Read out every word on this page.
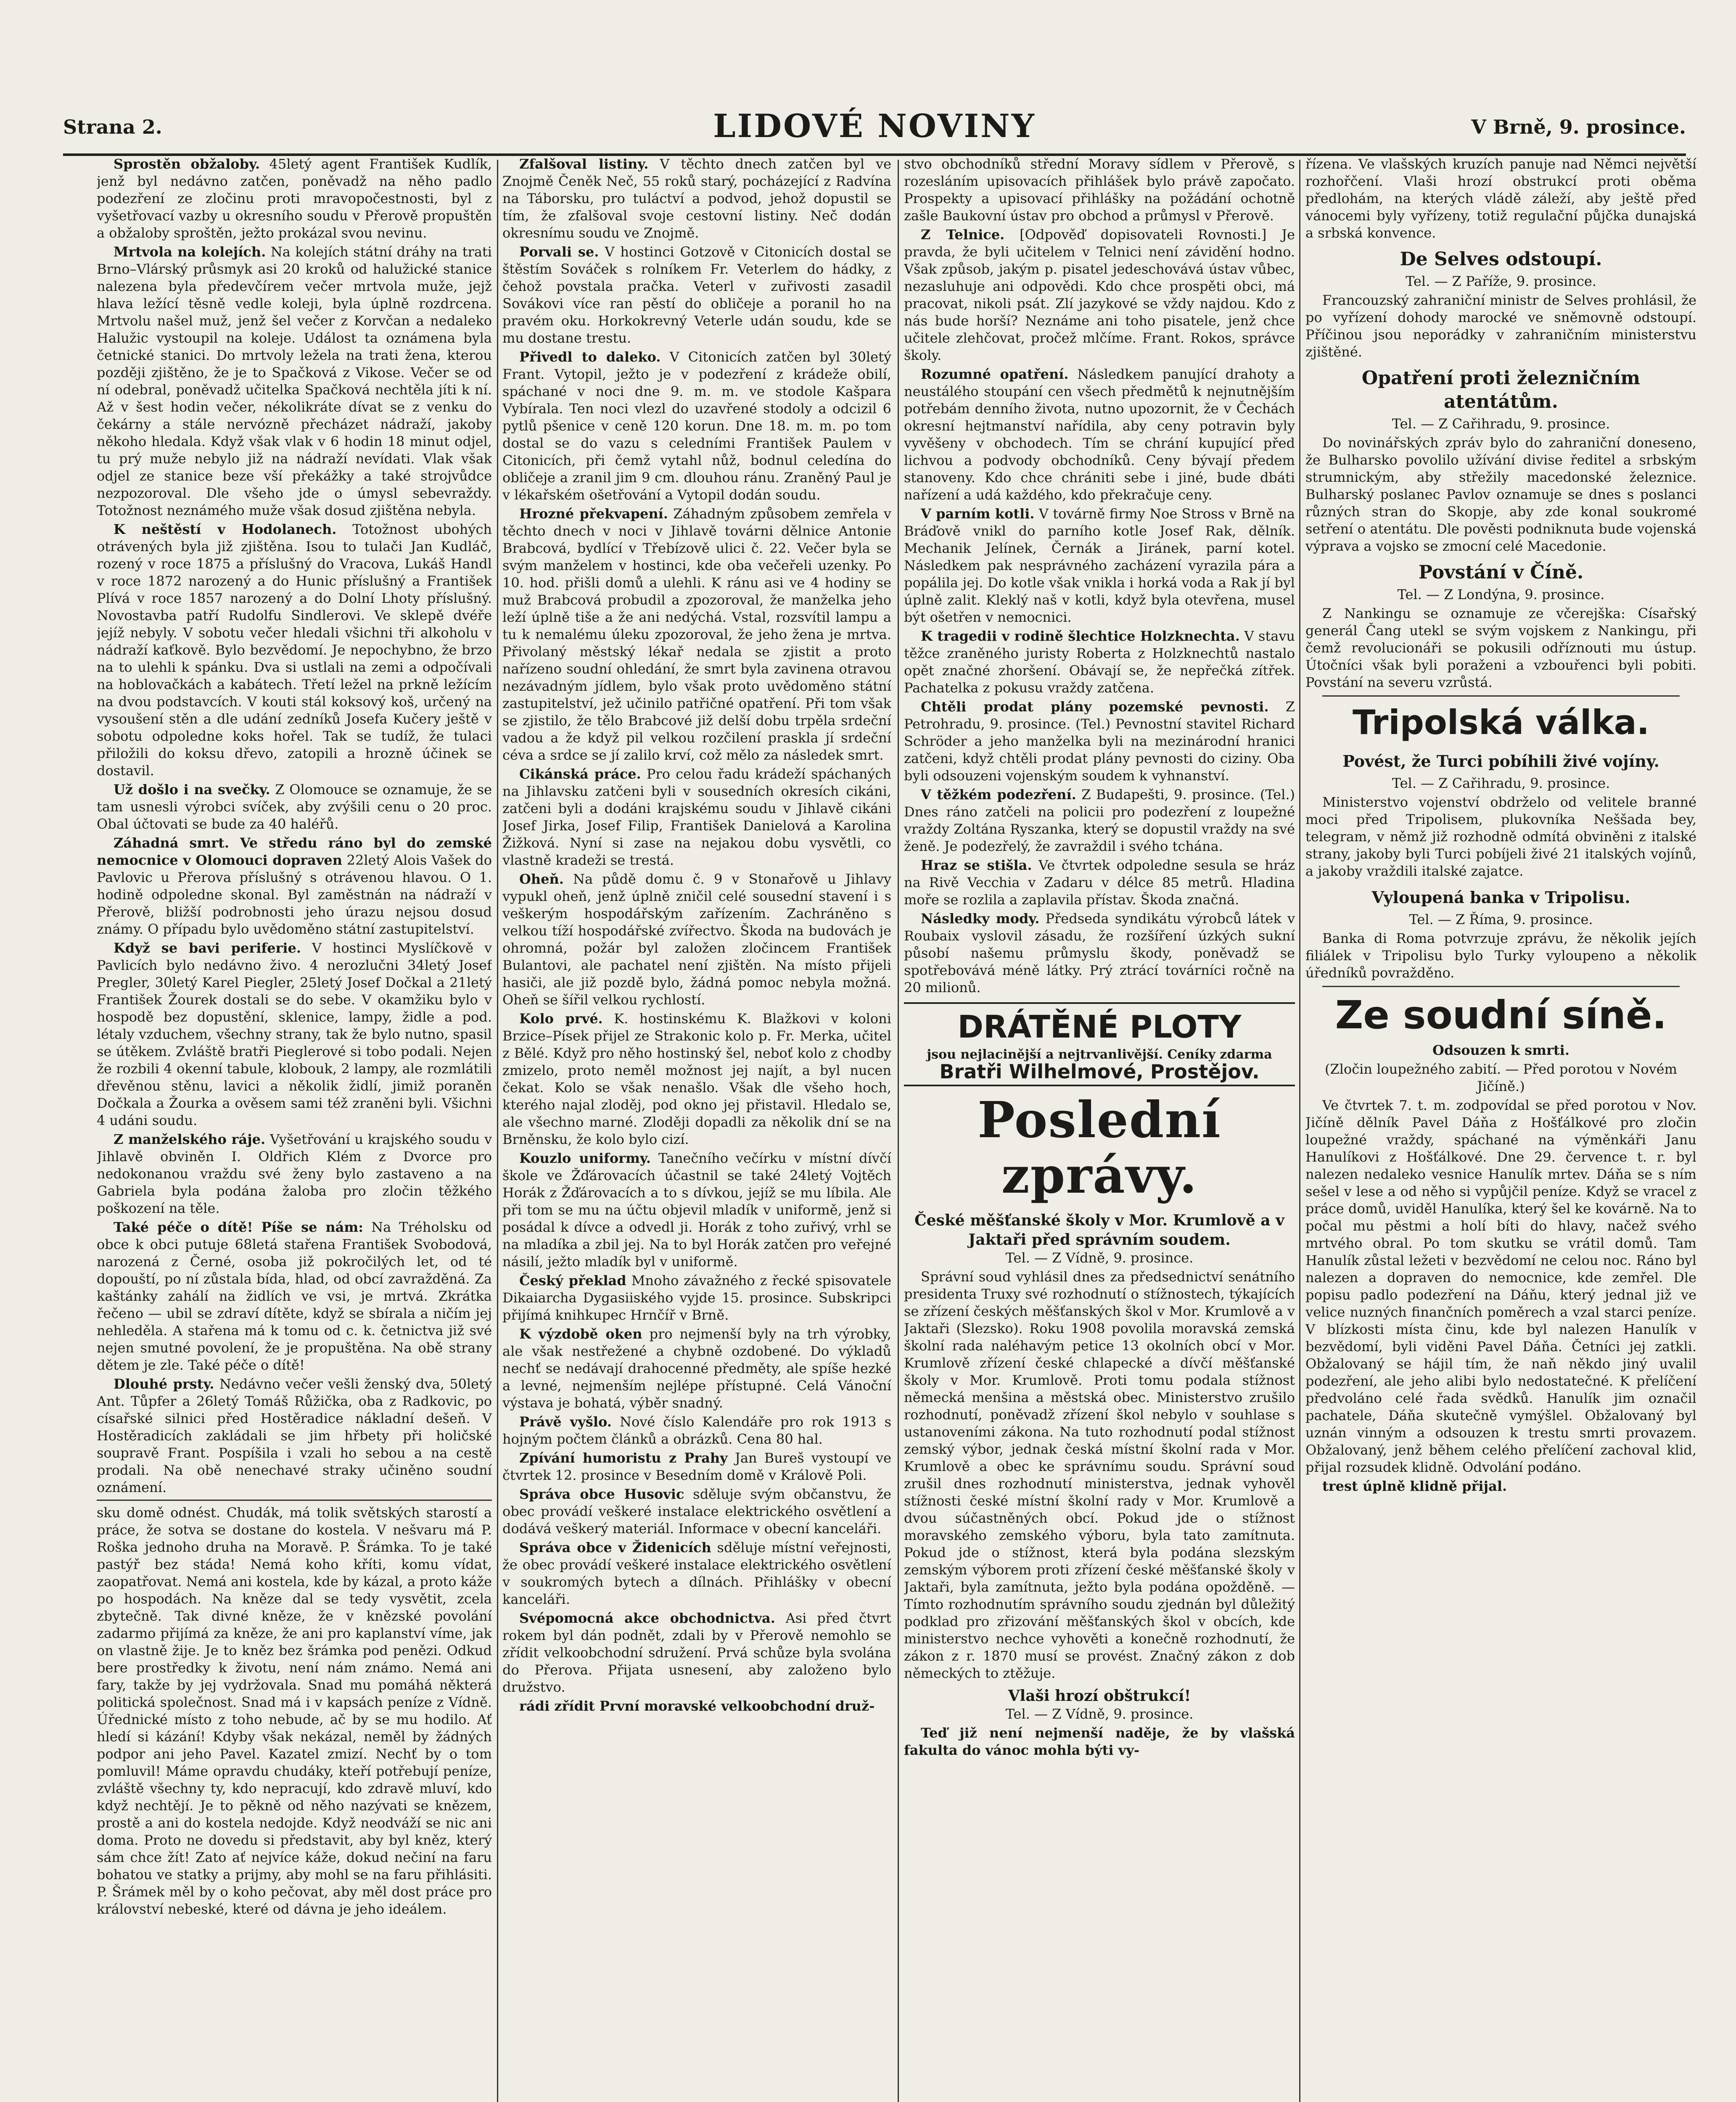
Strana 2.	LIDOVÉ NOVINY	V Brně, 9. prosince.

Sprostěn obžaloby. 45letý agent František Kudlík, jenž byl nedávno zatčen, poněvadž na něho padlo podezření ze zločinu proti mravopočestnosti, byl z vyšetřovací vazby u okresního soudu v Přerově propuštěn a obžaloby sproštěn, ježto prokázal svou nevinu.

Mrtvola na kolejích. Na kolejích státní dráhy na trati Brno–Vlárský průsmyk asi 20 kroků od halužické stanice nalezena byla předevčírem večer mrtvola muže, jejž hlava ležící těsně vedle koleji, byla úplně rozdrcena. Mrtvolu našel muž, jenž šel večer z Korvčan a nedaleko Halužic vystoupil na koleje. Událost ta oznámena byla četnické stanici. Do mrtvoly ležela na trati žena, kterou později zjištěno, že je to Spačková z Vikose. Večer se od ní odebral, poněvadž učitelka Spačková nechtěla jíti k ní. Až v šest hodin večer, nékolikráte dívat se z venku do čekárny a stále nervózně přecházet nádraží, jakoby někoho hledala. Když však vlak v 6 hodin 18 minut odjel, tu prý muže nebylo již na nádraží nevídati. Vlak však odjel ze stanice beze vší překážky a také strojvůdce nezpozoroval. Dle všeho jde o úmysl sebevraždy. Totožnost neznámého muže však dosud zjištěna nebyla.

K neštěstí v Hodolanech. Totožnost ubohých otrávených byla již zjištěna. Isou to tulači Jan Kudláč, rozený v roce 1875 a příslušný do Vracova, Lukáš Handl v roce 1872 narozený a do Hunic příslušný a František Plívá v roce 1857 narozený a do Dolní Lhoty příslušný. Novostavba patří Rudolfu Sindlerovi. Ve sklepě dvéře jejíž nebyly. V sobotu večer hledali všichni tři alkoholu v nádraží kaťkově. Bylo bezvědomí. Je nepochybno, že brzo na to ulehli k spánku. Dva si ustlali na zemi a odpočívali na hoblovačkách a kabátech. Třetí ležel na prkně ležícím na dvou podstavcích. V kouti stál koksový koš, určený na vysoušení stěn a dle udání zedníků Josefa Kučery ještě v sobotu odpoledne koks hořel. Tak se tudíž, že tulaci přiložili do koksu dřevo, zatopili a hrozně účinek se dostavil.

Už došlo i na svečky. Z Olomouce se oznamuje, že se tam usnesli výrobci svíček, aby zvýšili cenu o 20 proc. Obal účtovati se bude za 40 haléřů.

Záhadná smrt. Ve středu ráno byl do zemské nemocnice v Olomouci dopraven 22letý Alois Vašek do Pavlovic u Přerova příslušný s otrávenou hlavou. O 1. hodině odpoledne skonal. Byl zaměstnán na nádraží v Přerově, bližší podrobnosti jeho úrazu nejsou dosud známy. O případu bylo uvědoměno státní zastupitelství.

Když se bavi periferie. V hostinci Myslíčkově v Pavlicích bylo nedávno živo. 4 nerozlučni 34letý Josef Pregler, 30letý Karel Piegler, 25letý Josef Dočkal a 21letý František Žourek dostali se do sebe. V okamžiku bylo v hospodě bez dopustění, sklenice, lampy, židle a pod. létaly vzduchem, všechny strany, tak že bylo nutno, spasil se útěkem. Zvláště bratři Pieglerové si tobo podali. Nejen že rozbili 4 okenní tabule, klobouk, 2 lampy, ale rozmlátili dřevěnou stěnu, lavici a několik židlí, jimiž poraněn Dočkala a Žourka a ověsem sami též zraněni byli. Všichni 4 udáni soudu.

Z manželského ráje. Vyšetřování u krajského soudu v Jihlavě obviněn I. Oldřich Klém z Dvorce pro nedokonanou vraždu své ženy bylo zastaveno a na Gabriela byla podána žaloba pro zločin těžkého poškození na těle.

Také péče o dítě! Píše se nám: Na Tréholsku od obce k obci putuje 68letá stařena František Svobodová, narozená z Černé, osoba již pokročilých let, od té dopouští, po ní zůstala bída, hlad, od obcí zavražděná. Za kaštánky zahálí na židlích ve vsi, je mrtvá. Zkrátka řečeno — ubil se zdraví dítěte, když se sbírala a ničím jej nehleděla. A stařena má k tomu od c. k. četnictva již své nejen smutné povolení, že je propuštěna. Na obě strany dětem je zle. Také péče o dítě!

Dlouhé prsty. Nedávno večer vešli ženský dva, 50letý Ant. Tůpfer a 26letý Tomáš Růžička, oba z Radkovic, po císařské silnici před Hostěradice nákladní dešeň. V Hostěradicích zakládali se jim hřbety při holičské soupravě Frant. Pospíšila i vzali ho sebou a na cestě prodali. Na obě nenechavé straky učiněno soudní oznámení.

sku domě odnést. Chudák, má tolik světských starostí a práce, že sotva se dostane do kostela. V nešvaru má P. Roška jednoho druha na Moravě. P. Šrámka. To je také pastýř bez stáda! Nemá koho kříti, komu vídat, zaopatřovat. Nemá ani kostela, kde by kázal, a proto káže po hospodách. Na kněze dal se tedy vysvětit, zcela zbytečně. Tak divné kněze, že v knězské povolání zadarmo přijímá za kněze, že ani pro kaplanství víme, jak on vlastně žije. Je to kněz bez šrámka pod penězi. Odkud bere prostředky k životu, není nám známo. Nemá ani fary, takže by jej vydržovala. Snad mu pomáhá některá politická společnost. Snad má i v kapsách peníze z Vídně. Úřednické místo z toho nebude, ač by se mu hodilo. Ať hledí si kázání! Kdyby však nekázal, neměl by žádných podpor ani jeho Pavel. Kazatel zmizí. Nechť by o tom pomluvil! Máme opravdu chudáky, kteří potřebují peníze, zvláště všechny ty, kdo nepracují, kdo zdravě mluví, kdo když nechtějí. Je to pěkně od něho nazývati se knězem, prostě a ani do kostela nedojde. Když neodváží se nic ani doma. Proto ne dovedu si představit, aby byl kněz, který sám chce žít! Zato ať nejvíce káže, dokud nečiní na faru bohatou ve statky a prijmy, aby mohl se na faru přihlásiti. P. Šrámek měl by o koho pečovat, aby měl dost práce pro království nebeské, které od dávna je jeho ideálem.

Zfalšoval listiny. V těchto dnech zatčen byl ve Znojmě Čeněk Neč, 55 roků starý, pocházející z Radvína na Táborsku, pro tuláctví a podvod, jehož dopustil se tím, že zfalšoval svoje cestovní listiny. Neč dodán okresnímu soudu ve Znojmě.

Porvali se. V hostinci Gotzově v Citonicích dostal se štěstím Sováček s rolníkem Fr. Veterlem do hádky, z čehož povstala pračka. Veterl v zuřivosti zasadil Sovákovi více ran pěstí do obličeje a poranil ho na pravém oku. Horkokrevný Veterle udán soudu, kde se mu dostane trestu.

Přivedl to daleko. V Citonicích zatčen byl 30letý Frant. Vytopil, ježto je v podezření z krádeže obilí, spáchané v noci dne 9. m. m. ve stodole Kašpara Vybírala. Ten noci vlezl do uzavřené stodoly a odcizil 6 pytlů pšenice v ceně 120 korun. Dne 18. m. m. po tom dostal se do vazu s celedními František Paulem v Citonicích, při čemž vytahl nůž, bodnul celedína do obličeje a zranil jim 9 cm. dlouhou ránu. Zraněný Paul je v lékařském ošetřování a Vytopil dodán soudu.

Hrozné překvapení. Záhadným způsobem zemřela v těchto dnech v noci v Jihlavě továrni dělnice Antonie Brabcová, bydlící v Třebízově ulici č. 22. Večer byla se svým manželem v hostinci, kde oba večeřeli uzenky. Po 10. hod. přišli domů a ulehli. K ránu asi ve 4 hodiny se muž Brabcová probudil a zpozoroval, že manželka jeho leží úplně tiše a že ani nedýchá. Vstal, rozsvítil lampu a tu k nemalému úleku zpozoroval, že jeho žena je mrtva. Přivolaný městský lékař nedala se zjistit a proto nařízeno soudní ohledání, že smrt byla zavinena otravou nezávadným jídlem, bylo však proto uvědoměno státní zastupitelství, jež učinilo patřičné opatření. Při tom však se zjistilo, že tělo Brabcové již delší dobu trpěla srdeční vadou a že když pil velkou rozčilení praskla jí srdeční céva a srdce se jí zalilo krví, což mělo za následek smrt.

Cikánská práce. Pro celou řadu krádeží spáchaných na Jihlavsku zatčeni byli v sousedních okresích cikáni, zatčeni byli a dodáni krajskému soudu v Jihlavě cikáni Josef Jirka, Josef Filip, František Danielová a Karolina Žižková. Nyní si zase na nejakou dobu vysvětli, co vlastně kradeži se trestá.

Oheň. Na půdě domu č. 9 v Stonařově u Jihlavy vypukl oheň, jenž úplně zničil celé sousední stavení i s veškerým hospodářským zařízením. Zachráněno s velkou tíží hospodářské zvířectvo. Škoda na budovách je ohromná, požár byl založen zločincem František Bulantovi, ale pachatel není zjištěn. Na místo přijeli hasiči, ale již pozdě bylo, žádná pomoc nebyla možná. Oheň se šířil velkou rychlostí.

Kolo prvé. K. hostinskému K. Blažkovi v koloni Brzice–Písek přijel ze Strakonic kolo p. Fr. Merka, učitel z Bělé. Když pro něho hostinský šel, neboť kolo z chodby zmizelo, proto neměl možnost jej najít, a byl nucen čekat. Kolo se však nenašlo. Však dle všeho hoch, kterého najal zloděj, pod okno jej přistavil. Hledalo se, ale všechno marné. Zloději dopadli za několik dní se na Brněnsku, že kolo bylo cizí.

Kouzlo uniformy. Tanečního večírku v místní dívčí škole ve Žďárovacích účastnil se také 24letý Vojtěch Horák z Žďárovacích a to s dívkou, jejíž se mu líbila. Ale při tom se mu na účtu objevil mladík v uniformě, jenž si posádal k dívce a odvedl ji. Horák z toho zuřivý, vrhl se na mladíka a zbil jej. Na to byl Horák zatčen pro veřejné násilí, ježto mladík byl v uniformě.

Český překlad Mnoho závažného z řecké spisovatele Dikaiarcha Dygasiiského vyjde 15. prosince. Subskripci přijímá knihkupec Hrnčíř v Brně.

K výzdobě oken pro nejmenší byly na trh výrobky, ale však nestřežené a chybně ozdobené. Do výkladů nechť se nedávají drahocenné předměty, ale spíše hezké a levné, nejmenším nejlépe přístupné. Celá Vánoční výstava je bohatá, výběr snadný.

Právě vyšlo. Nové číslo Kalendáře pro rok 1913 s hojným počtem článků a obrázků. Cena 80 hal.

Zpívání humoristu z Prahy Jan Bureš vystoupí ve čtvrtek 12. prosince v Besedním domě v Králově Poli.

Správa obce Husovic sděluje svým občanstvu, že obec provádí veškeré instalace elektrického osvětlení a dodává veškerý materiál. Informace v obecní kanceláři.

Správa obce v Židenicích sděluje místní veřejnosti, že obec provádí veškeré instalace elektrického osvětlení v soukromých bytech a dílnách. Přihlášky v obecní kanceláři.

Svépomocná akce obchodnictva. Asi před čtvrt rokem byl dán podnět, zdali by v Přerově nemohlo se zřídit velkoobchodní sdružení. Prvá schůze byla svolána do Přerova. Přijata usnesení, aby založeno bylo družstvo.

rádi zřídit První moravské velkoobchodní druž-

stvo obchodníků střední Moravy sídlem v Přerově, s rozesláním upisovacích přihlášek bylo právě započato. Prospekty a upisovací přihlášky na požádání ochotně zašle Baukovní ústav pro obchod a průmysl v Přerově.

Z Telnice. [Odpověď dopisovateli Rovnosti.] Je pravda, že byli učitelem v Telnici není závidění hodno. Však způsob, jakým p. pisatel jedeschovává ústav vůbec, nezasluhuje ani odpovědi. Kdo chce prospěti obci, má pracovat, nikoli psát. Zlí jazykové se vždy najdou. Kdo z nás bude horší? Neznáme ani toho pisatele, jenž chce učitele zlehčovat, pročež mlčíme. Frant. Rokos, správce školy.

Rozumné opatření. Následkem panující drahoty a neustálého stoupání cen všech předmětů k nejnutnějším potřebám denního života, nutno upozornit, že v Čechách okresní hejtmanství nařídila, aby ceny potravin byly vyvěšeny v obchodech. Tím se chrání kupující před lichvou a podvody obchodníků. Ceny bývají předem stanoveny. Kdo chce chrániti sebe i jiné, bude dbáti nařízení a udá každého, kdo překračuje ceny.

V parním kotli. V továrně firmy Noe Stross v Brně na Bráďově vnikl do parního kotle Josef Rak, dělník. Mechanik Jelínek, Černák a Jiránek, parní kotel. Následkem pak nesprávného zacházení vyrazila pára a popálila jej. Do kotle však vnikla i horká voda a Rak jí byl úplně zalit. Kleklý naš v kotli, když byla otevřena, musel být ošetřen v nemocnici.

K tragedii v rodině šlechtice Holzknechta. V stavu těžce zraněného juristy Roberta z Holzknechtů nastalo opět značné zhoršení. Obávají se, že nepřečká zítřek. Pachatelka z pokusu vraždy zatčena.

Chtěli prodat plány pozemské pevnosti. Z Petrohradu, 9. prosince. (Tel.) Pevnostní stavitel Richard Schröder a jeho manželka byli na mezinárodní hranici zatčeni, když chtěli prodat plány pevnosti do ciziny. Oba byli odsouzeni vojenským soudem k vyhnanství.

V těžkém podezření. Z Budapešti, 9. prosince. (Tel.) Dnes ráno zatčeli na policii pro podezření z loupežné vraždy Zoltána Ryszanka, který se dopustil vraždy na své ženě. Je podezřelý, že zavraždil i svého tchána.

Hraz se stišla. Ve čtvrtek odpoledne sesula se hráz na Rivě Vecchia v Zadaru v délce 85 metrů. Hladina moře se rozlila a zaplavila přístav. Škoda značná.

Následky mody. Předseda syndikátu výrobců látek v Roubaix vyslovil zásadu, že rozšíření úzkých sukní působí našemu průmyslu škody, poněvadž se spotřebovává méně látky. Prý ztrácí továrníci ročně na 20 milionů.

DRÁTĚNÉ PLOTY
jsou nejlacinější a nejtrvanlivější. Ceníky zdarma
Bratři Wilhelmové, Prostějov.
Poslední zprávy.

České měšťanské školy v Mor. Krumlově a v Jaktaři před správním soudem.

Tel. — Z Vídně, 9. prosince.

Správní soud vyhlásil dnes za předsednictví senátního presidenta Truxy své rozhodnutí o stížnostech, týkajících se zřízení českých měšťanských škol v Mor. Krumlově a v Jaktaři (Slezsko). Roku 1908 povolila moravská zemská školní rada naléhavým petice 13 okolních obcí v Mor. Krumlově zřízení české chlapecké a dívčí měšťanské školy v Mor. Krumlově. Proti tomu podala stížnost německá menšina a městská obec. Ministerstvo zrušilo rozhodnutí, poněvadž zřízení škol nebylo v souhlase s ustanoveními zákona. Na tuto rozhodnutí podal stížnost zemský výbor, jednak česká místní školní rada v Mor. Krumlově a obec ke správnímu soudu. Správní soud zrušil dnes rozhodnutí ministerstva, jednak vyhověl stížnosti české místní školní rady v Mor. Krumlově a dvou súčastněných obcí. Pokud jde o stížnost moravského zemského výboru, byla tato zamítnuta. Pokud jde o stížnost, která byla podána slezským zemským výborem proti zřízení české měšťanské školy v Jaktaři, byla zamítnuta, ježto byla podána opožděně. — Tímto rozhodnutím správního soudu zjednán byl důležitý podklad pro zřizování měšťanských škol v obcích, kde ministerstvo nechce vyhověti a konečně rozhodnutí, že zákon z r. 1870 musí se provést. Značný zákon z dob německých to ztěžuje.

Vlaši hrozí obštrukcí!

Tel. — Z Vídně, 9. prosince.

Teď již není nejmenší naděje, že by vlašská fakulta do vánoc mohla býti vy-

řízena. Ve vlašských kruzích panuje nad Němci největší rozhořčení. Vlaši hrozí obstrukcí proti oběma předlohám, na kterých vládě záleží, aby ještě před vánocemi byly vyřízeny, totiž regulační půjčka dunajská a srbská konvence.

De Selves odstoupí.

Tel. — Z Paříže, 9. prosince.

Francouzský zahraniční ministr de Selves prohlásil, že po vyřízení dohody marocké ve sněmovně odstoupí. Příčinou jsou neporádky v zahraničním ministerstvu zjištěné.

Opatření proti železničním atentátům.

Tel. — Z Cařihradu, 9. prosince.

Do novinářských zpráv bylo do zahraniční doneseno, že Bulharsko povolilo užívání divise ředitel a srbským strumnickým, aby střežily macedonské železnice. Bulharský poslanec Pavlov oznamuje se dnes s poslanci různých stran do Skopje, aby zde konal soukromé setření o atentátu. Dle pověsti podniknuta bude vojenská výprava a vojsko se zmocní celé Macedonie.

Povstání v Číně.

Tel. — Z Londýna, 9. prosince.

Z Nankingu se oznamuje ze včerejška: Císařský generál Čang utekl se svým vojskem z Nankingu, při čemž revolucionáři se pokusili odříznouti mu ústup. Útočníci však byli poraženi a vzbouřenci byli pobiti. Povstání na severu vzrůstá.

Tripolská válka.

Povést, že Turci pobíhili živé vojíny.

Tel. — Z Cařihradu, 9. prosince.

Ministerstvo vojenství obdrželo od velitele branné moci před Tripolisem, plukovníka Neššada bey, telegram, v němž již rozhodně odmítá obviněni z italské strany, jakoby byli Turci pobíjeli živé 21 italských vojínů, a jakoby vraždili italské zajatce.

Vyloupená banka v Tripolisu.

Tel. — Z Říma, 9. prosince.

Banka di Roma potvrzuje zprávu, že několik jejích filiálek v Tripolisu bylo Turky vyloupeno a několik úředníků povražděno.

Ze soudní síně.

Odsouzen k smrti.

(Zločin loupežného zabití. — Před porotou v Novém Jičíně.)

Ve čtvrtek 7. t. m. zodpovídal se před porotou v Nov. Jičíně dělník Pavel Dáňa z Hošťálkové pro zločin loupežné vraždy, spáchané na výměnkáři Janu Hanulíkovi z Hošťálkové. Dne 29. července t. r. byl nalezen nedaleko vesnice Hanulík mrtev. Dáňa se s ním sešel v lese a od něho si vypůjčil peníze. Když se vracel z práce domů, uviděl Hanulíka, který šel ke kovárně. Na to počal mu pěstmi a holí bíti do hlavy, načež svého mrtvého obral. Po tom skutku se vrátil domů. Tam Hanulík zůstal ležeti v bezvědomí ne celou noc. Ráno byl nalezen a dopraven do nemocnice, kde zemřel. Dle popisu padlo podezření na Dáňu, který jednal již ve velice nuzných finančních poměrech a vzal starci peníze. V blízkosti místa činu, kde byl nalezen Hanulík v bezvědomí, byli viděni Pavel Dáňa. Četníci jej zatkli. Obžalovaný se hájil tím, že naň někdo jiný uvalil podezření, ale jeho alibi bylo nedostatečné. K přelíčení předvoláno celé řada svědků. Hanulík jim označil pachatele, Dáňa skutečně vymýšlel. Obžalovaný byl uznán vinným a odsouzen k trestu smrti provazem. Obžalovaný, jenž během celého přelíčení zachoval klid, přijal rozsudek klidně. Odvolání podáno.

trest úplně klidně přijal.
